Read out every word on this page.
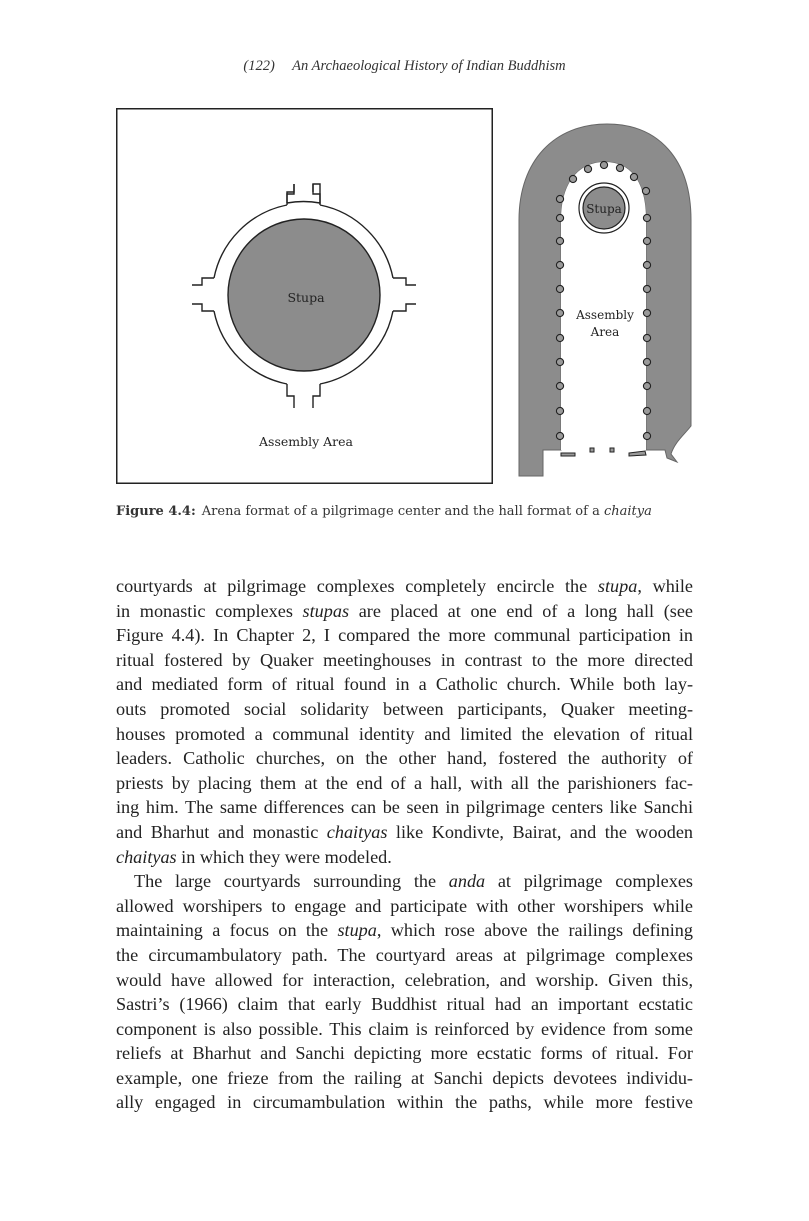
(122) An Archaeological History of Indian Buddhism
Stupa
Assembly Area
Stupa
Assembly
Area
Figure 4.4: Arena format of a pilgrimage center and the hall format of a chaitya

courtyards at pilgrimage complexes completely encircle the stupa, while
in monastic complexes stupas are placed at one end of a long hall (see
Figure 4.4). In Chapter 2, I compared the more communal participation in
ritual fostered by Quaker meetinghouses in contrast to the more directed
and mediated form of ritual found in a Catholic church. While both lay-
outs promoted social solidarity between participants, Quaker meeting-
houses promoted a communal identity and limited the elevation of ritual
leaders. Catholic churches, on the other hand, fostered the authority of
priests by placing them at the end of a hall, with all the parishioners fac-
ing him. The same differences can be seen in pilgrimage centers like Sanchi
and Bharhut and monastic chaityas like Kondivte, Bairat, and the wooden
chaityas in which they were modeled.

The large courtyards surrounding the anda at pilgrimage complexes
allowed worshipers to engage and participate with other worshipers while
maintaining a focus on the stupa, which rose above the railings defining
the circumambulatory path. The courtyard areas at pilgrimage complexes
would have allowed for interaction, celebration, and worship. Given this,
Sastri’s (1966) claim that early Buddhist ritual had an important ecstatic
component is also possible. This claim is reinforced by evidence from some
reliefs at Bharhut and Sanchi depicting more ecstatic forms of ritual. For
example, one frieze from the railing at Sanchi depicts devotees individu-
ally engaged in circumambulation within the paths, while more festive
